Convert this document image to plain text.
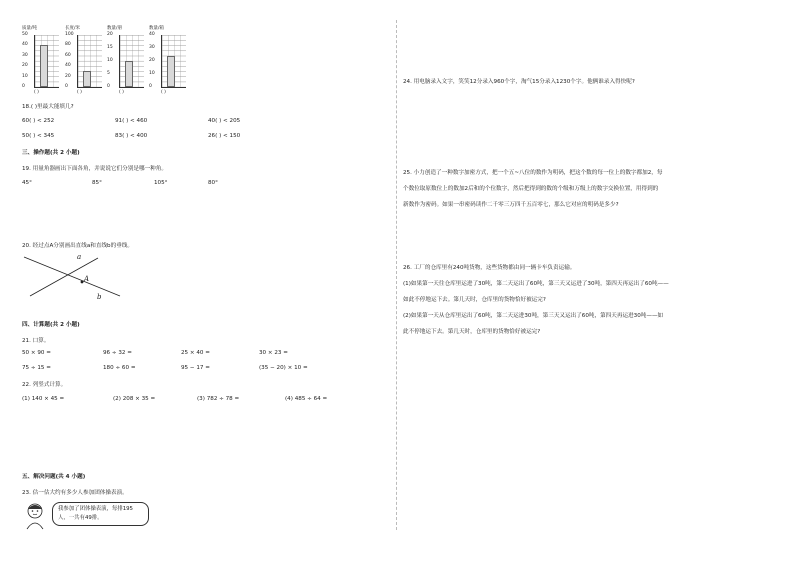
质量/吨
50
40
30
20
10
0
( )
长度/米
100
80
60
40
20
0
( )
数量/册
20
15
10
5
0
( )
数量/箱
40
30
20
10
0
( )
18.( )里最大能填几?
60( ) < 252	91( ) < 460	40( ) < 205
50( ) < 345	83( ) < 400	26( ) < 150
三、操作题(共 2 小题)
19. 用量角器画出下面各角，并说说它们分别是哪一种角。
45°	85°	105°	80°
20. 经过点A分别画出直线a和直线b的垂线。
a
A
b
四、计算题(共 2 小题)
21. 口算。
50 × 90 =	96 ÷ 32 =	25 × 40 =	30 × 23 =
75 ÷ 15 =	180 ÷ 60 =	95 − 17 =	(35 − 20) × 10 =
22. 列竖式计算。
(1) 140 × 45 =	(2) 208 × 35 =	(3) 782 ÷ 78 =	(4) 485 ÷ 64 =
五、解决问题(共 4 小题)
23. 估一估大约有多少人参加团体操表演。
我参加了团体操表演，每排195人，一共有49排。
24. 用电脑录入文字，笑笑12分录入960个字，淘气15分录入1230个字。他俩谁录入得快呢?
25. 小力创造了一种数字加密方式，把一个五~八位的数作为明码，把这个数的每一位上的数字都加2，每
个数位取原数位上的数加2后和的个位数字，然后把得到的数的个级和万级上的数字交换位置，用得到的
新数作为密码。如果一串密码读作二千零三万四千五百零七，那么它对应的明码是多少?
26. 工厂的仓库里有240吨货物，这些货物都由同一辆卡车负责运输。
(1)如果第一天往仓库里运进了30吨，第二天运出了60吨，第三天又运进了30吨，第四天再运出了60吨——
如此不停地运下去。第几天时，仓库里的货物恰好被运完?
(2)如果第一天从仓库里运出了60吨，第二天运进30吨，第三天又运出了60吨，第四天再运进30吨——如
此不停地运下去。第几天时，仓库里的货物恰好被运完?
